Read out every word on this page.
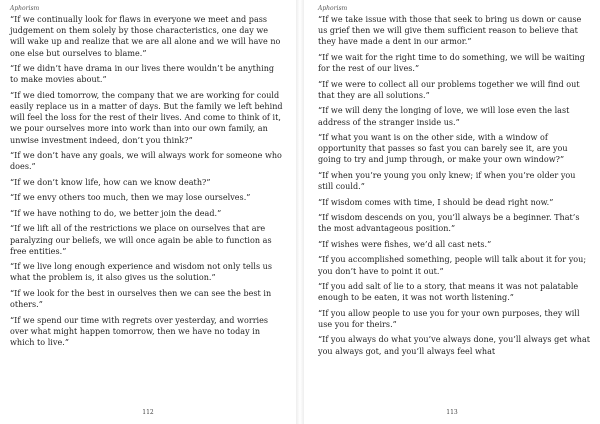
Aphorism

“If we continually look for flaws in everyone we meet and pass judgement on them solely by those characteristics, one day we will wake up and realize that we are all alone and we will have no one else but ourselves to blame.”

“If we didn’t have drama in our lives there wouldn’t be anything to make movies about.”

“If we died tomorrow, the company that we are working for could easily replace us in a matter of days. But the family we left behind will feel the loss for the rest of their lives. And come to think of it, we pour ourselves more into work than into our own family, an unwise investment indeed, don’t you think?”

“If we don’t have any goals, we will always work for someone who does.”

“If we don’t know life, how can we know death?”

“If we envy others too much, then we may lose ourselves.”

“If we have nothing to do, we better join the dead.”

“If we lift all of the restrictions we place on ourselves that are paralyzing our beliefs, we will once again be able to function as free entities.”

“If we live long enough experience and wisdom not only tells us what the problem is, it also gives us the solution.”

“If we look for the best in ourselves then we can see the best in others.”

“If we spend our time with regrets over yesterday, and worries over what might happen tomorrow, then we have no today in which to live.”

112
Aphorism

“If we take issue with those that seek to bring us down or cause us grief then we will give them sufficient reason to believe that they have made a dent in our armor.”

“If we wait for the right time to do something, we will be waiting for the rest of our lives.”

“If we were to collect all our problems together we will find out that they are all solutions.”

“If we will deny the longing of love, we will lose even the last address of the stranger inside us.”

“If what you want is on the other side, with a window of opportunity that passes so fast you can barely see it, are you going to try and jump through, or make your own window?”

“If when you’re young you only knew; if when you’re older you still could.”

“If wisdom comes with time, I should be dead right now.”

“If wisdom descends on you, you’ll always be a beginner. That’s the most advantageous position.”

“If wishes were fishes, we’d all cast nets.”

“If you accomplished something, people will talk about it for you; you don’t have to point it out.”

“If you add salt of lie to a story, that means it was not palatable enough to be eaten, it was not worth listening.”

“If you allow people to use you for your own purposes, they will use you for theirs.”

“If you always do what you’ve always done, you’ll always get what you always got, and you’ll always feel what

113
